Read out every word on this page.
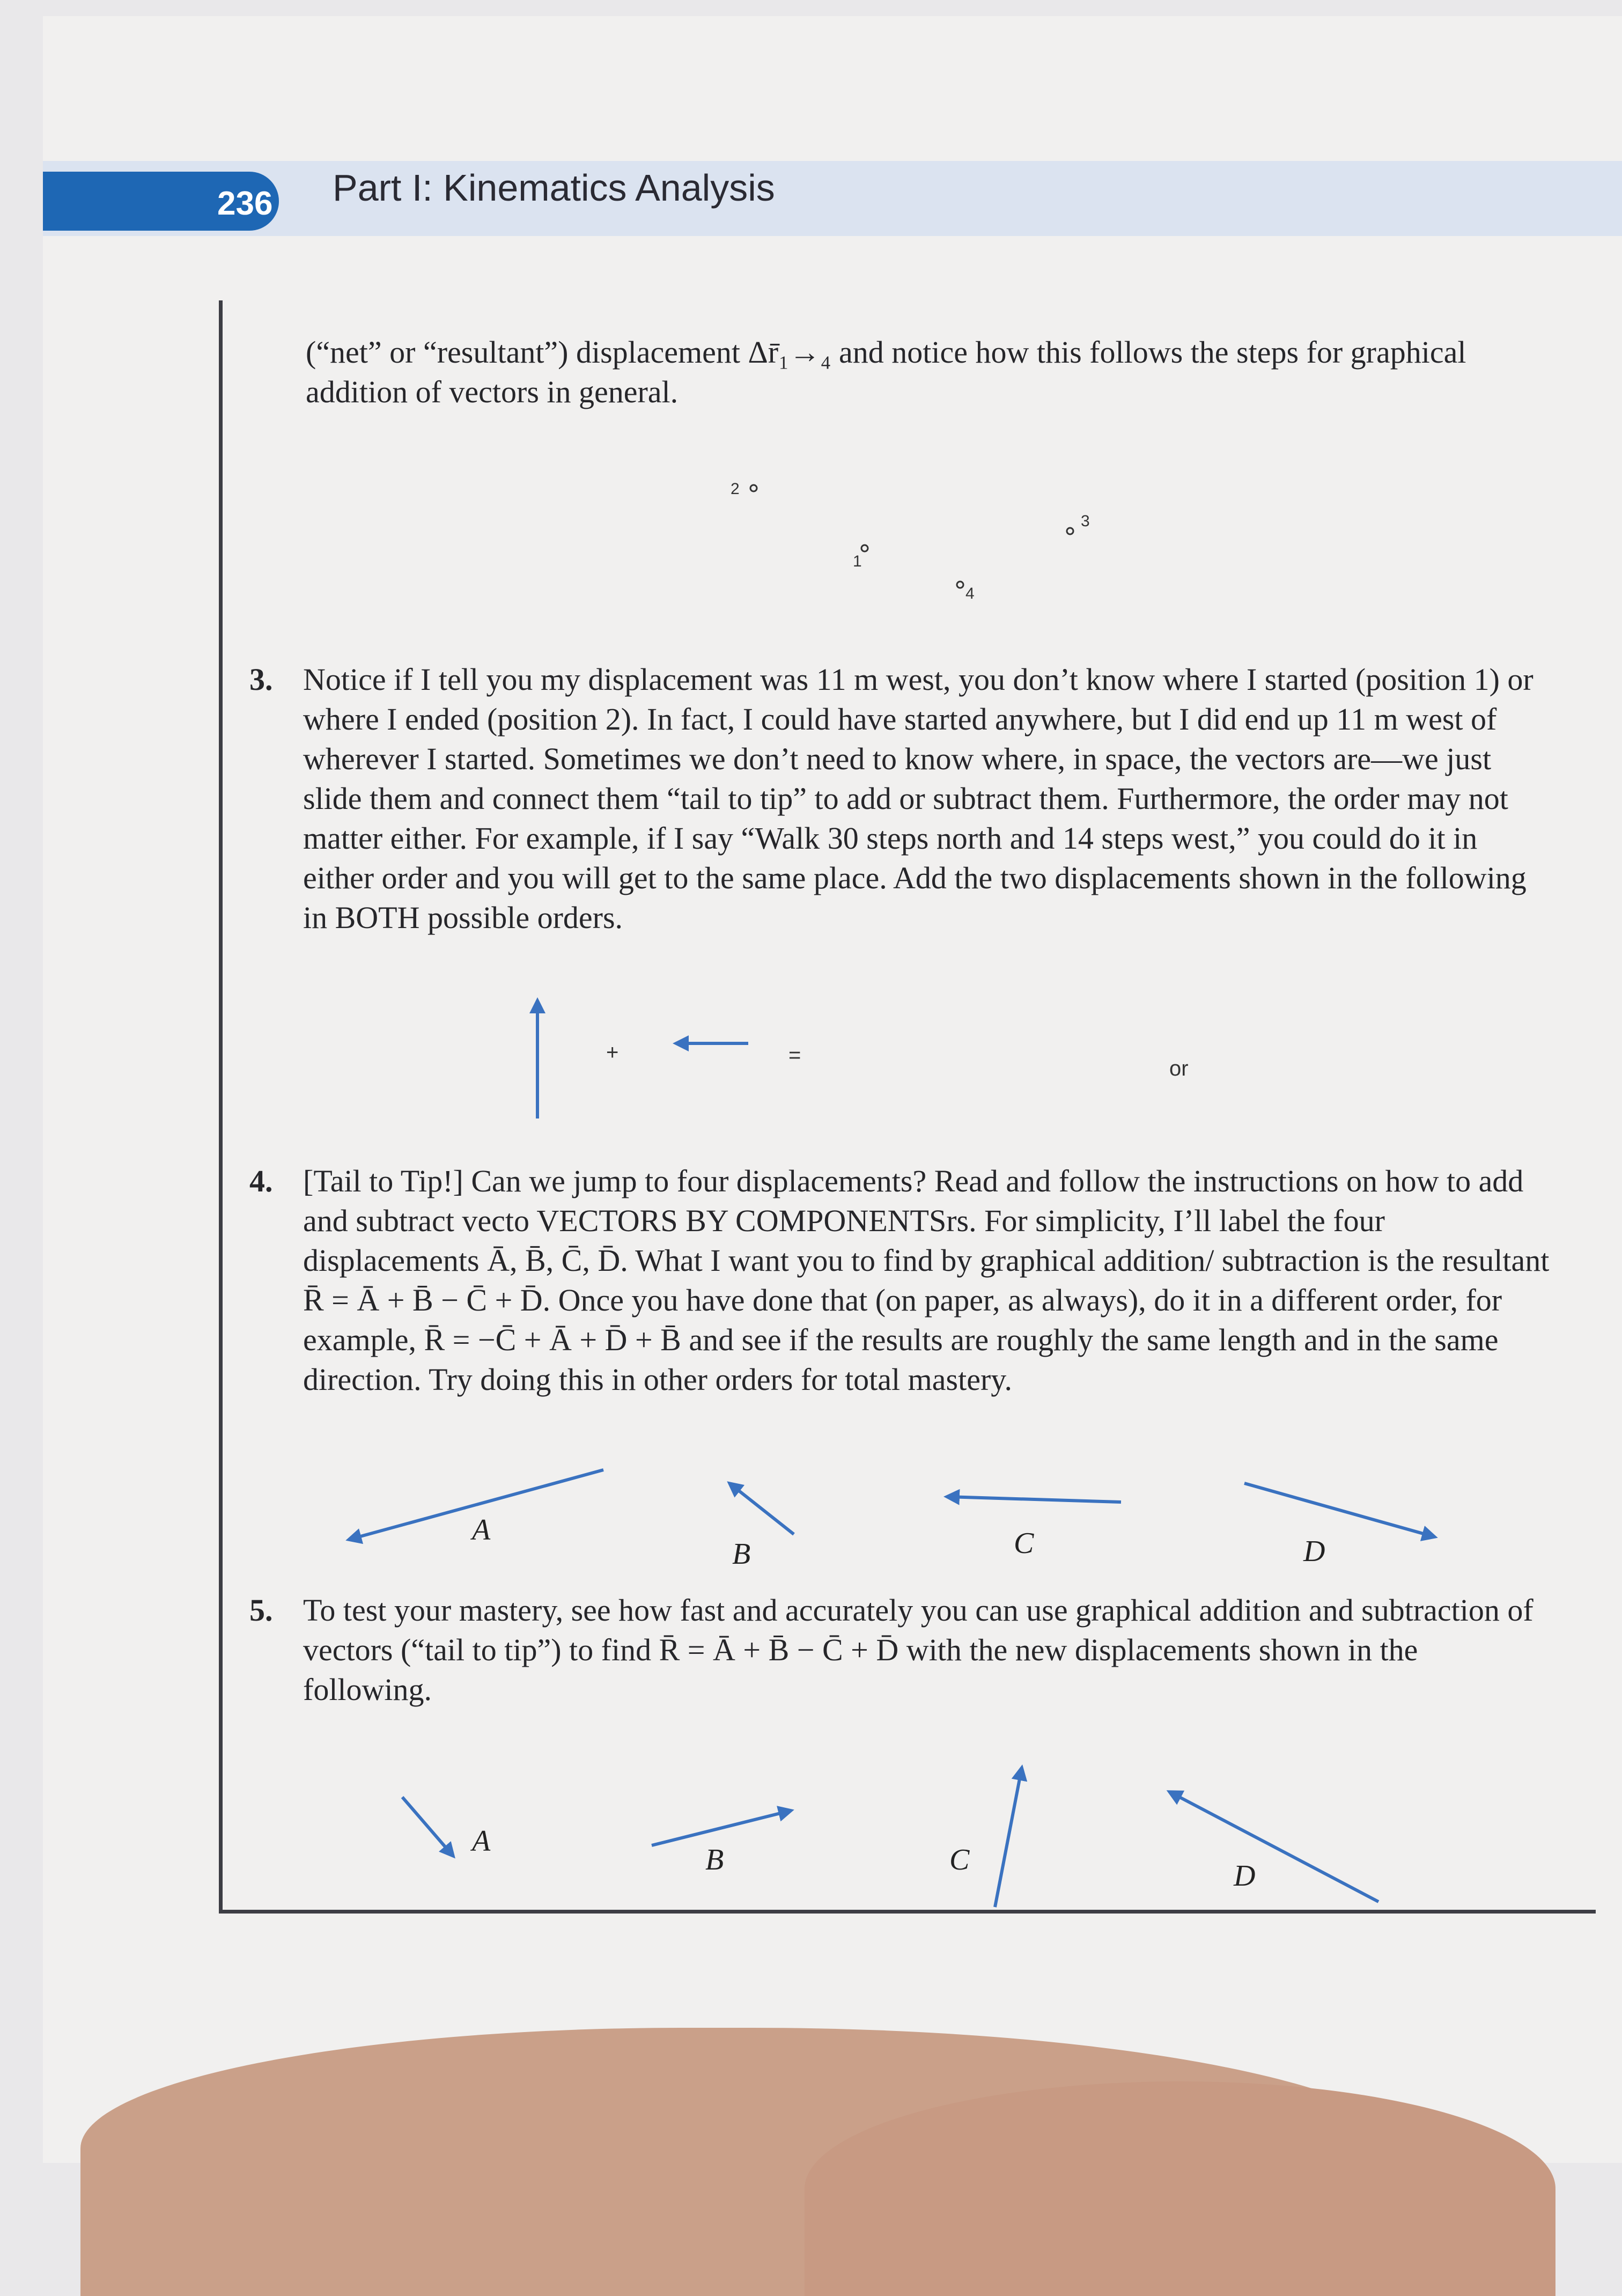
236 Part I: Kinematics Analysis

(“net” or “resultant”) displacement Δr̄₁→₄ and notice how this follows the steps for graphical addition of vectors in general.

2
3
1
4
3. Notice if I tell you my displacement was 11 m west, you don’t know where I started (position 1) or where I ended (position 2). In fact, I could have started anywhere, but I did end up 11 m west of wherever I started. Sometimes we don’t need to know where, in space, the vectors are—we just slide them and connect them “tail to tip” to add or subtract them. Furthermore, the order may not matter either. For example, if I say “Walk 30 steps north and 14 steps west,” you could do it in either order and you will get to the same place. Add the two displacements shown in the following in BOTH possible orders.
+	=
or
4. [Tail to Tip!] Can we jump to four displacements? Read and follow the instructions on how to add and subtract vecto VECTORS BY COMPONENTSrs. For simplicity, I’ll label the four displacements Ā, B̄, C̄, D̄. What I want you to find by graphical addition/ subtraction is the resultant R̄ = Ā + B̄ − C̄ + D̄. Once you have done that (on paper, as always), do it in a different order, for example, R̄ = −C̄ + Ā + D̄ + B̄ and see if the results are roughly the same length and in the same direction. Try doing this in other orders for total mastery.
A⃗
B⃗	C⃗	D⃗
5. To test your mastery, see how fast and accurately you can use graphical addition and subtraction of vectors (“tail to tip”) to find R̄ = Ā + B̄ − C̄ + D̄ with the new displacements shown in the following.
A⃗
B⃗	C⃗	D⃗
